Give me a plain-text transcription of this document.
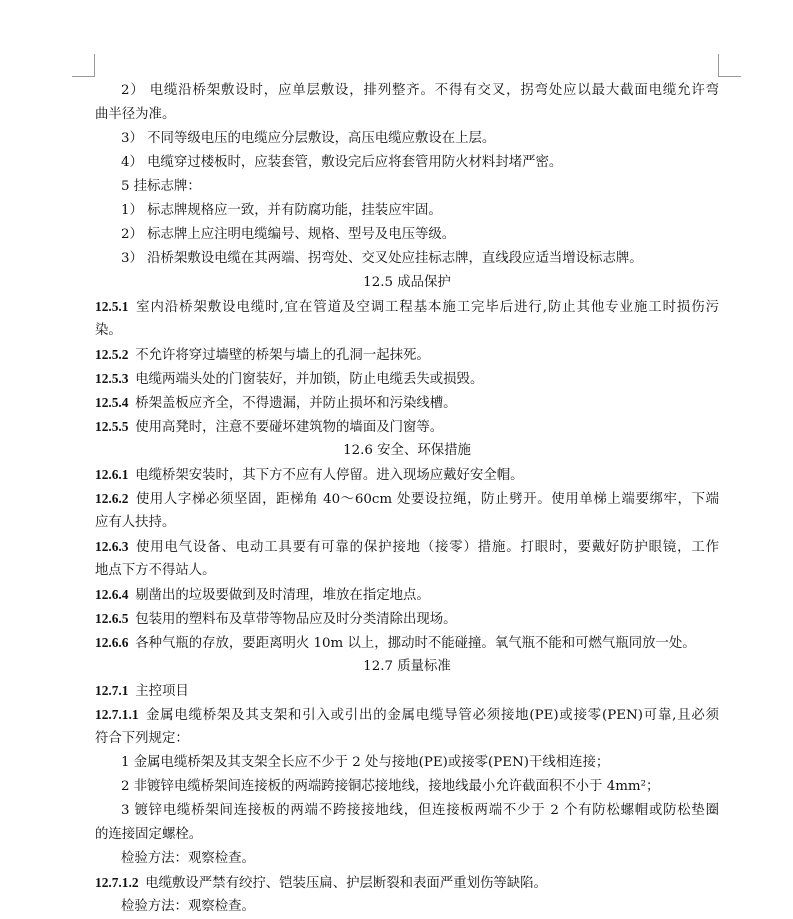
2） 电缆沿桥架敷设时，应单层敷设，排列整齐。不得有交叉，拐弯处应以最大截面电缆允许弯
曲半径为准。
3） 不同等级电压的电缆应分层敷设，高压电缆应敷设在上层。
4） 电缆穿过楼板时，应装套管，敷设完后应将套管用防火材料封堵严密。
5 挂标志牌：
1） 标志牌规格应一致，并有防腐功能，挂装应牢固。
2） 标志牌上应注明电缆编号、规格、型号及电压等级。
3） 沿桥架敷设电缆在其两端、拐弯处、交叉处应挂标志牌，直线段应适当增设标志牌。
12.5 成品保护
12.5.1  室内沿桥架敷设电缆时,宜在管道及空调工程基本施工完毕后进行,防止其他专业施工时损伤污
染。
12.5.2  不允许将穿过墙壁的桥架与墙上的孔洞一起抹死。
12.5.3  电缆两端头处的门窗装好，并加锁，防止电缆丢失或损毁。
12.5.4  桥架盖板应齐全，不得遗漏，并防止损坏和污染线槽。
12.5.5  使用高凳时，注意不要碰坏建筑物的墙面及门窗等。
12.6 安全、环保措施
12.6.1  电缆桥架安装时，其下方不应有人停留。进入现场应戴好安全帽。
12.6.2  使用人字梯必须坚固，距梯角 40～60cm 处要设拉绳，防止劈开。使用单梯上端要绑牢，下端
应有人扶持。
12.6.3  使用电气设备、电动工具要有可靠的保护接地（接零）措施。打眼时，要戴好防护眼镜，工作
地点下方不得站人。
12.6.4  剔凿出的垃圾要做到及时清理，堆放在指定地点。
12.6.5  包装用的塑料布及草带等物品应及时分类清除出现场。
12.6.6  各种气瓶的存放，要距离明火 10m 以上，挪动时不能碰撞。氧气瓶不能和可燃气瓶同放一处。
12.7 质量标准
12.7.1  主控项目
12.7.1.1  金属电缆桥架及其支架和引入或引出的金属电缆导管必须接地(PE)或接零(PEN)可靠,且必须
符合下列规定：
1 金属电缆桥架及其支架全长应不少于 2 处与接地(PE)或接零(PEN)干线相连接；
2 非镀锌电缆桥架间连接板的两端跨接铜芯接地线，接地线最小允许截面积不小于 4mm²；
3 镀锌电缆桥架间连接板的两端不跨接接地线，但连接板两端不少于 2 个有防松螺帽或防松垫圈
的连接固定螺栓。
检验方法：观察检查。
12.7.1.2  电缆敷设严禁有绞拧、铠装压扁、护层断裂和表面严重划伤等缺陷。
检验方法：观察检查。
